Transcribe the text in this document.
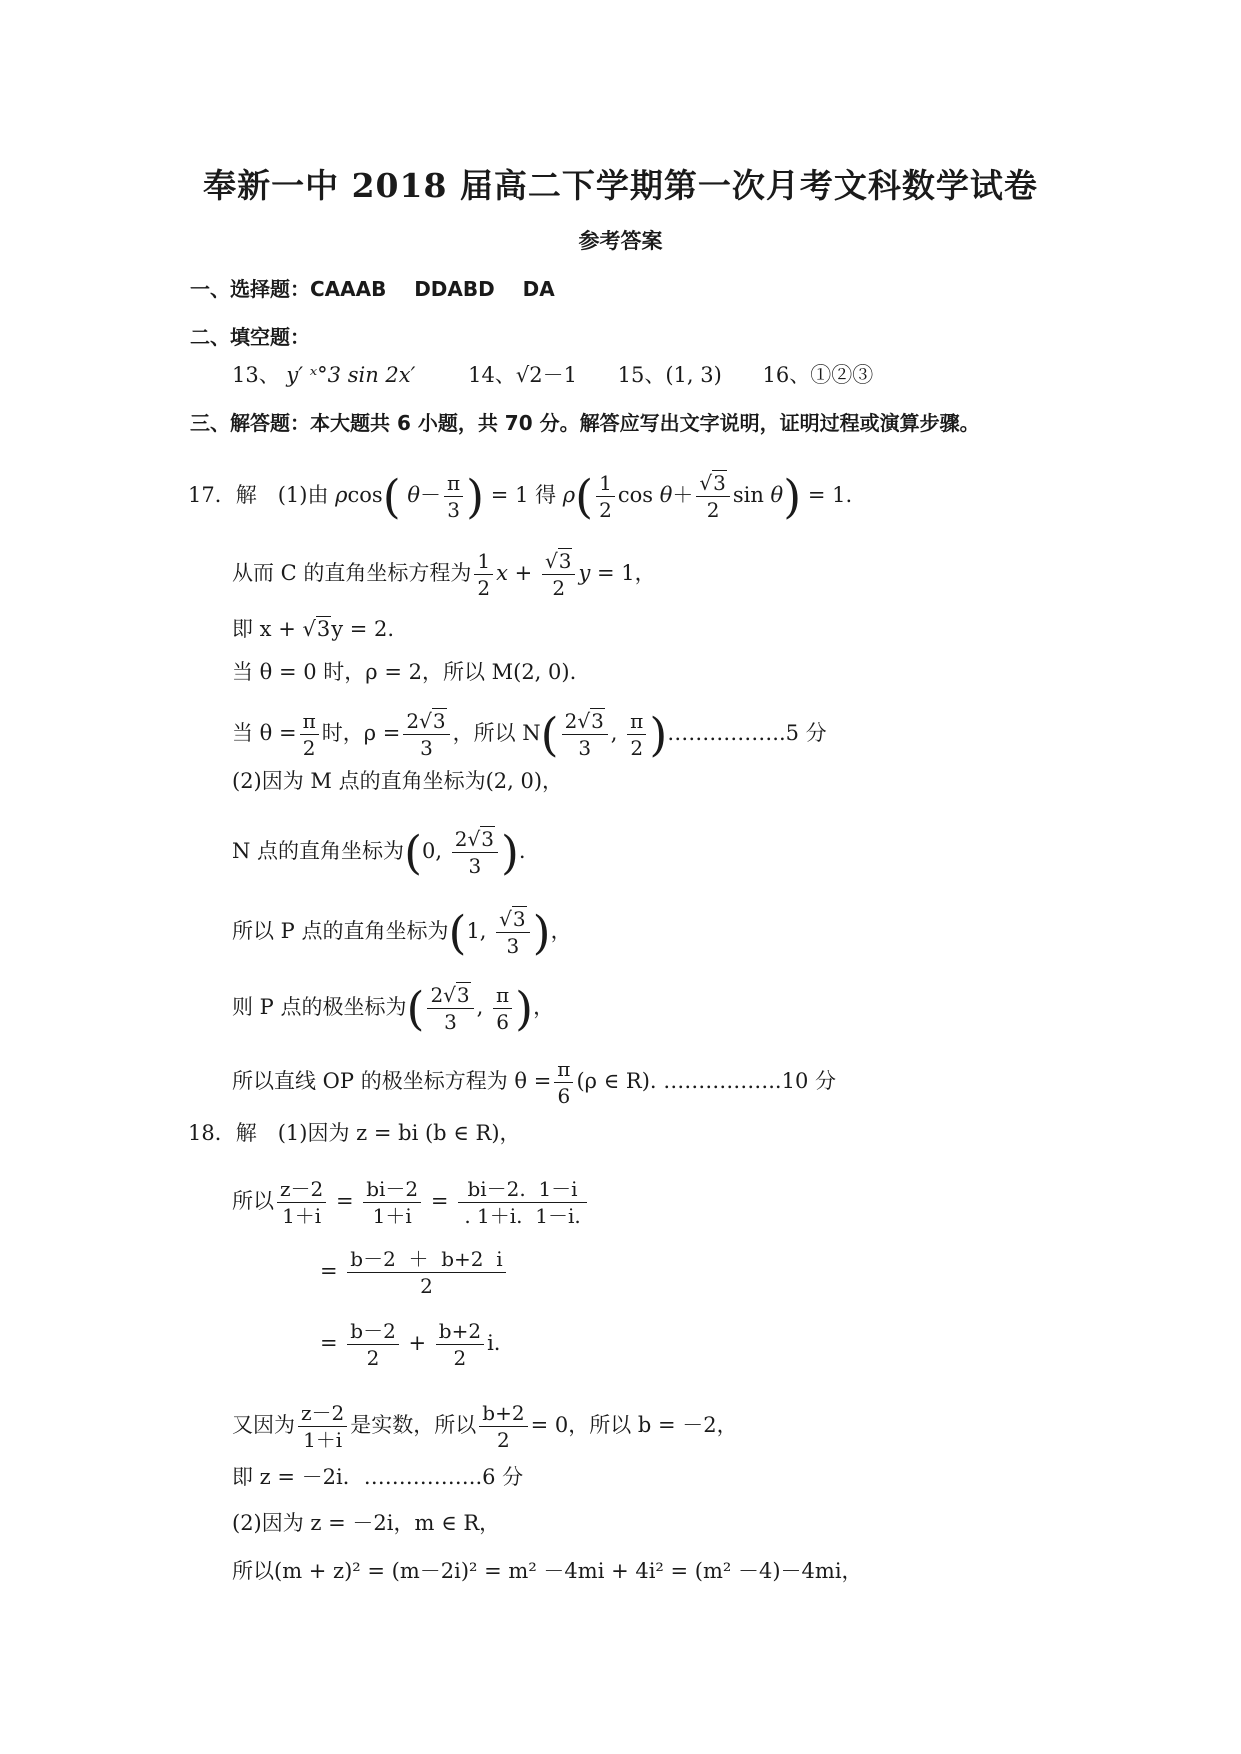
奉新一中 2018 届高二下学期第一次月考文科数学试卷
参考答案
一、选择题：CAAAB    DDABD    DA
二、填空题：
13、 y′ ˣ°3 sin 2x′	14、√2－1 15、(1, 3) 16、①②③
三、解答题：本大题共 6 小题，共 70 分。解答应写出文字说明，证明过程或演算步骤。
17．解　(1)由 ρcos( $\theta- \frac{\pi}{3}$ ) = 1 得 $\rho( \frac{1}{2}$ $\cos \theta+ \frac{√3}{2}$ sin θ) = 1.
从而 C 的直角坐标方程为 $\frac{1}{2}$ $x + \frac{√3}{2}$ y = 1，
即 x + √3y = 2.
当 θ = 0 时，ρ = 2，所以 M(2, 0).
当 $\theta = \frac{\pi}{2}$ 时，$\rho = \frac{2√3}{3}$ ，所以 $N( \frac{2√3}{3}$ , $\frac{\pi}{2}$ )……………..5 分
(2)因为 M 点的直角坐标为(2, 0)，
N 点的直角坐标为(0, $\frac{2√3}{3}$ ).
所以 P 点的直角坐标为(1, $\frac{√3}{3}$ )，
则 P 点的极坐标为( $\frac{2√3}{3}$ , $\frac{\pi}{6}$ )，
所以直线 OP 的极坐标方程为 $\theta = \frac{\pi}{6} (\rho$ ∈ R). ……………..10 分
18．解　(1)因为 z = bi (b ∈ R)，
所以 $\frac{z-2}{1+i} = \frac{bi-2}{1+i} = \frac{bi-2. 1-i}{. 1+i. 1-i.}$
= $\frac{b-2 + b+2 i}{2}$
= $\frac{b-2}{2} + \frac{b+2}{2} i$.
又因为 $\frac{z-2}{1+i}$ 是实数，所以 $\frac{b+2}{2} = 0$，所以 b = －2，
即 z = －2i．……………..6 分
(2)因为 z = －2i，m ∈ R，
所以(m + z)² = (m－2i)² = m² －4mi + 4i² = (m² －4)－4mi，
